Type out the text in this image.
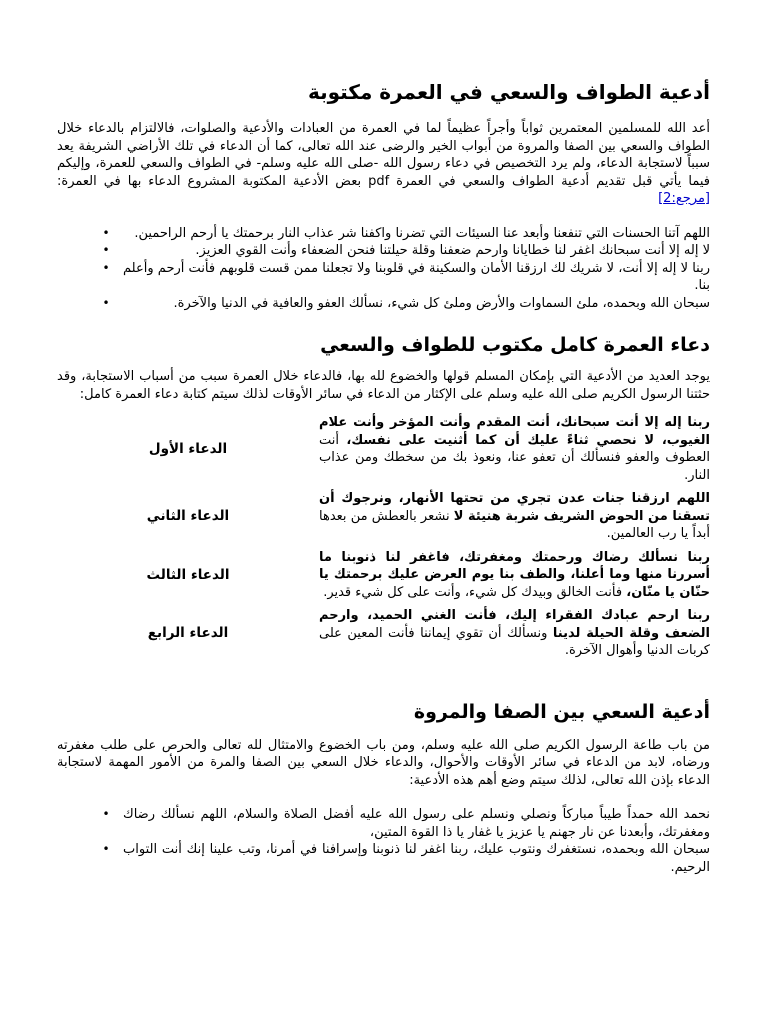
أدعية الطواف والسعي في العمرة مكتوبة
أعد الله للمسلمين المعتمرين ثواباً وأجراً عظيماً لما في العمرة من العبادات والأدعية والصلوات، فالالتزام بالدعاء خلال الطواف والسعي بين الصفا والمروة من أبواب الخير والرضى عند الله تعالى، كما أن الدعاء في تلك الأراضي الشريفة يعد سبباً لاستجابة الدعاء، ولم يرد التخصيص في دعاء رسول الله -صلى الله عليه وسلم- في الطواف والسعي للعمرة، وإليكم فيما يأتي قبل تقديم أدعية الطواف والسعي في العمرة pdf بعض الأدعية المكتوبة المشروع الدعاء بها في العمرة:[مرجع:2]
•	اللهم آتنا الحسنات التي تنفعنا وأبعد عنا السيئات التي تضرنا واكفنا شر عذاب النار برحمتك يا أرحم الراحمين.
•	لا إله إلا أنت سبحانك اغفر لنا خطايانا وارحم ضعفنا وقلة حيلتنا فنحن الضعفاء وأنت القوي العزيز.
• ربنا لا إله إلا أنت، لا شريك لك ارزقنا الأمان والسكينة في قلوبنا ولا تجعلنا ممن قست قلوبهم فأنت أرحم وأعلم بنا.
•	سبحان الله وبحمده، ملئ السماوات والأرض وملئ كل شيء، نسألك العفو والعافية في الدنيا والآخرة.
دعاء العمرة كامل مكتوب للطواف والسعي
يوجد العديد من الأدعية التي بإمكان المسلم قولها والخضوع لله بها، فالدعاء خلال العمرة سبب من أسباب الاستجابة، وقد حثتنا الرسول الكريم صلى الله عليه وسلم على الإكثار من الدعاء في سائر الأوقات لذلك سيتم كتابة دعاء العمرة كامل:
الدعاء الأول
ربنا إله إلا أنت سبحانك، أنت المقدم وأنت المؤخر وأنت علام الغيوب، لا نحصي ثناءً عليك أن كما أثنيت على نفسك، أنت العطوف والعفو فنسألك أن تعفو عنا، ونعوذ بك من سخطك ومن عذاب النار.
الدعاء الثاني
اللهم ارزقنا جنات عدن تجري من تحتها الأنهار، ونرجوك أن تسقنا من الحوض الشريف شربة هنيئة لا نشعر بالعطش من بعدها أبداً يا رب العالمين.
الدعاء الثالث
ربنا نسألك رضاك ورحمتك ومغفرتك، فاغفر لنا ذنوبنا ما أسررنا منها وما أعلنا، والطف بنا يوم العرض عليك برحمتك يا حنّان يا منّان، فأنت الخالق وبيدك كل شيء، وأنت على كل شيء قدير.
الدعاء الرابع
ربنا ارحم عبادك الفقراء إليك، فأنت الغني الحميد، وارحم الضعف وقلة الحيلة لدينا ونسألك أن تقوي إيماننا فأنت المعين على كربات الدنيا وأهوال الآخرة.
أدعية السعي بين الصفا والمروة
من باب طاعة الرسول الكريم صلى الله عليه وسلم، ومن باب الخضوع والامتثال لله تعالى والحرص على طلب مغفرته ورضاه، لابد من الدعاء في سائر الأوقات والأحوال، والدعاء خلال السعي بين الصفا والمرة من الأمور المهمة لاستجابة الدعاء بإذن الله تعالى، لذلك سيتم وضع أهم هذه الأدعية:
• نحمد الله حمداً طيباً مباركاً ونصلي ونسلم على رسول الله عليه أفضل الصلاة والسلام، اللهم نسألك رضاك ومغفرتك، وأبعدنا عن نار جهنم يا عزيز يا غفار يا ذا القوة المتين،
• سبحان الله وبحمده، نستغفرك ونتوب عليك، ربنا اغفر لنا ذنوبنا وإسرافنا في أمرنا، وتب علينا إنك أنت التواب الرحيم.
